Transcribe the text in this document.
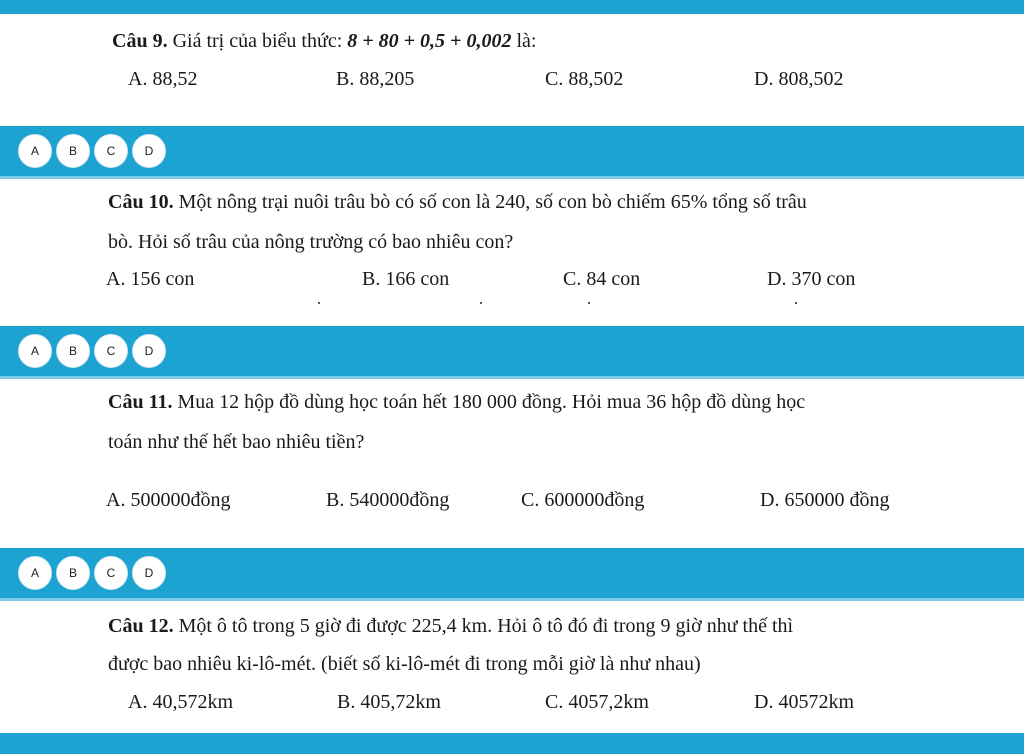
Câu 9. Giá trị của biểu thức: 8 + 80 + 0,5 + 0,002 là:
A. 88,52	B. 88,205	C. 88,502	D. 808,502
A	B	C	D
Câu 10. Một nông trại nuôi trâu bò có số con là 240, số con bò chiếm 65% tổng số trâu
bò. Hỏi số trâu của nông trường có bao nhiêu con?
A. 156 con	B. 166 con	C. 84 con	D. 370 con
A	B	C	D
Câu 11. Mua 12 hộp đồ dùng học toán hết 180 000 đồng. Hỏi mua 36 hộp đồ dùng học
toán như thế hết bao nhiêu tiền?
A. 500000đồng	B. 540000đồng	C. 600000đồng	D. 650000 đồng
A	B	C	D
Câu 12. Một ô tô trong 5 giờ đi được 225,4 km. Hỏi ô tô đó đi trong 9 giờ như thế thì
được bao nhiêu ki-lô-mét. (biết số ki-lô-mét đi trong mỗi giờ là như nhau)
A. 40,572km	B. 405,72km	C. 4057,2km	D. 40572km
